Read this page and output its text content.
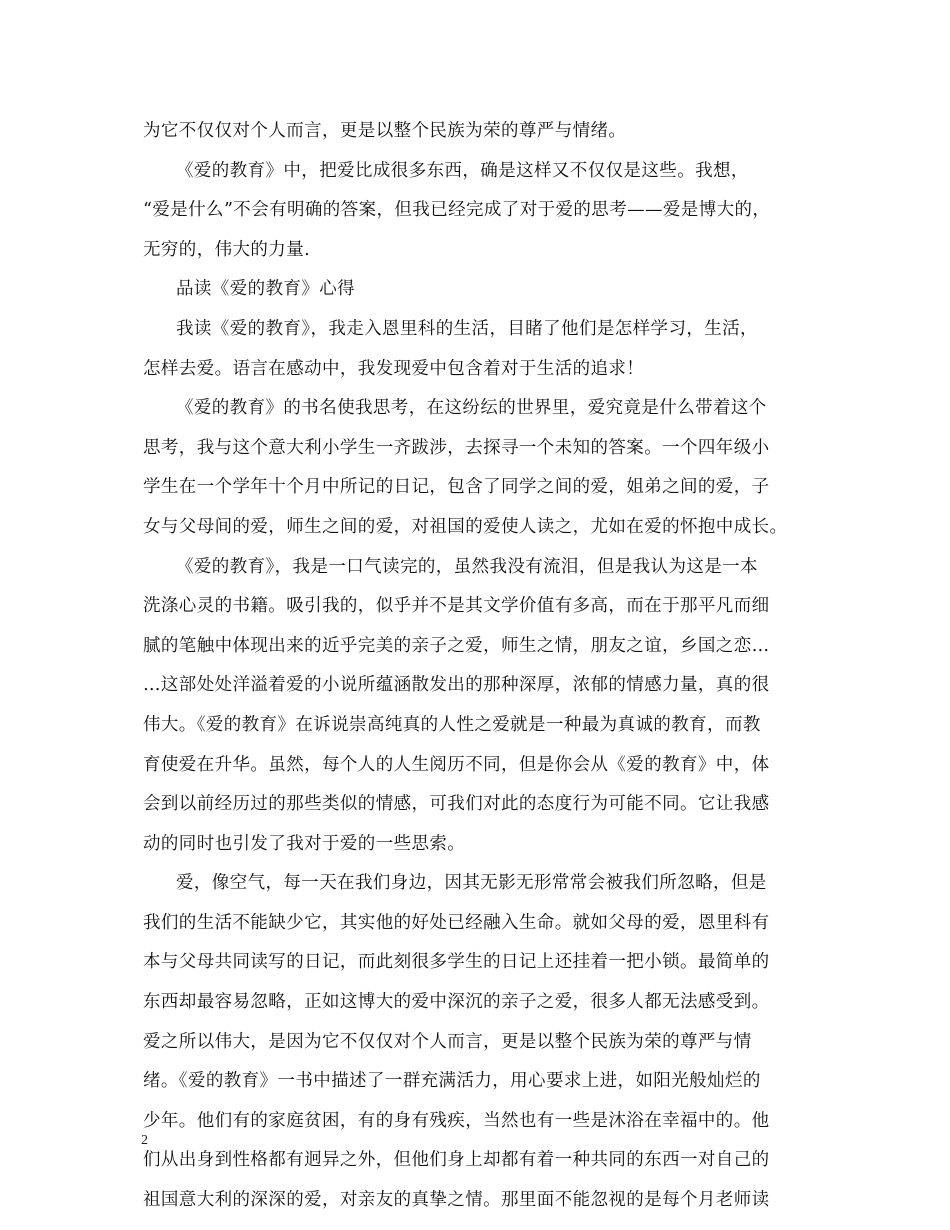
为它不仅仅对个人而言，更是以整个民族为荣的尊严与情绪。
《爱的教育》中，把爱比成很多东西，确是这样又不仅仅是这些。我想，
“爱是什么”不会有明确的答案，但我已经完成了对于爱的思考——爱是博大的，
无穷的，伟大的力量.
品读《爱的教育》心得
我读《爱的教育》，我走入恩里科的生活，目睹了他们是怎样学习，生活，
怎样去爱。语言在感动中，我发现爱中包含着对于生活的追求！
《爱的教育》的书名使我思考，在这纷纭的世界里，爱究竟是什么带着这个
思考，我与这个意大利小学生一齐跋涉，去探寻一个未知的答案。一个四年级小
学生在一个学年十个月中所记的日记，包含了同学之间的爱，姐弟之间的爱，子
女与父母间的爱，师生之间的爱，对祖国的爱使人读之，尤如在爱的怀抱中成长。
《爱的教育》，我是一口气读完的，虽然我没有流泪，但是我认为这是一本
洗涤心灵的书籍。吸引我的，似乎并不是其文学价值有多高，而在于那平凡而细
腻的笔触中体现出来的近乎完美的亲子之爱，师生之情，朋友之谊，乡国之恋…
…这部处处洋溢着爱的小说所蕴涵散发出的那种深厚，浓郁的情感力量，真的很
伟大。《爱的教育》在诉说崇高纯真的人性之爱就是一种最为真诚的教育，而教
育使爱在升华。虽然，每个人的人生阅历不同，但是你会从《爱的教育》中，体
会到以前经历过的那些类似的情感，可我们对此的态度行为可能不同。它让我感
动的同时也引发了我对于爱的一些思索。
爱，像空气，每一天在我们身边，因其无影无形常常会被我们所忽略，但是
我们的生活不能缺少它，其实他的好处已经融入生命。就如父母的爱，恩里科有
本与父母共同读写的日记，而此刻很多学生的日记上还挂着一把小锁。最简单的
东西却最容易忽略，正如这博大的爱中深沉的亲子之爱，很多人都无法感受到。
爱之所以伟大，是因为它不仅仅对个人而言，更是以整个民族为荣的尊严与情
绪。《爱的教育》一书中描述了一群充满活力，用心要求上进，如阳光般灿烂的
少年。他们有的家庭贫困，有的身有残疾，当然也有一些是沐浴在幸福中的。他
们从出身到性格都有迥异之外，但他们身上却都有着一种共同的东西一对自己的
祖国意大利的深深的爱，对亲友的真挚之情。那里面不能忽视的是每个月老师读
2
